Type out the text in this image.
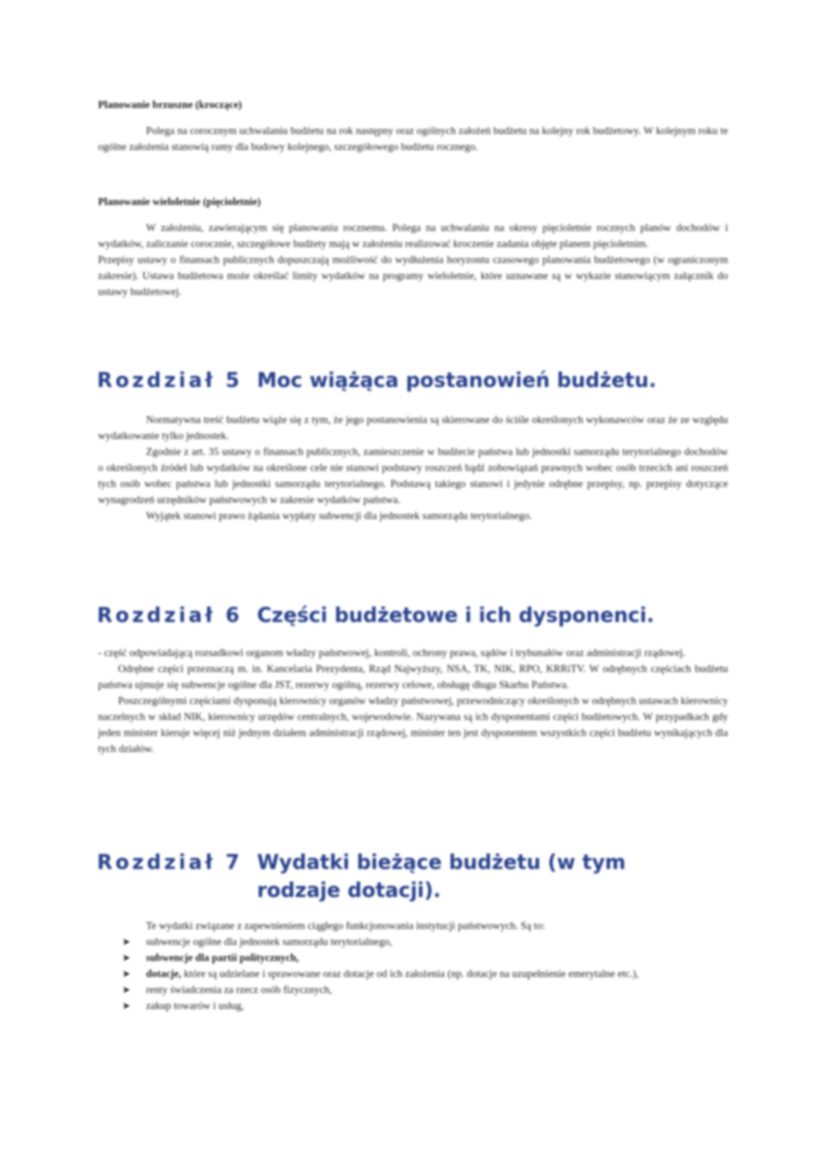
Planowanie brzuszne (kroczące)

Polega na corocznym uchwalaniu budżetu na rok następny oraz ogólnych założeń budżetu na kolejny rok budżetowy. W kolejnym roku te ogólne założenia stanowią ramy dla budowy kolejnego, szczegółowego budżetu rocznego.

Planowanie wieloletnie (pięcioletnie)

W założeniu, zawierającym się planowaniu rocznemu. Polega na uchwalaniu na okresy pięcioletnie rocznych planów dochodów i wydatków, zaliczanie corocznie, szczegółowe budżety mają w założeniu realizować kroczenie zadania objęte planem pięcioletnim.

Przepisy ustawy o finansach publicznych dopuszczają możliwość do wydłużenia horyzontu czasowego planowania budżetowego (w ograniczonym zakresie). Ustawa budżetowa może określać limity wydatków na programy wieloletnie, które uznawane są w wykazie stanowiącym załącznik do ustawy budżetowej.

Rozdział 5 Moc wiążąca postanowień budżetu.

Normatywna treść budżetu wiąże się z tym, że jego postanowienia są skierowane do ściśle określonych wykonawców oraz że ze względu wydatkowanie tylko jednostek.

Zgodnie z art. 35 ustawy o finansach publicznych, zamieszczenie w budżecie państwa lub jednostki samorządu terytorialnego dochodów o określonych źródeł lub wydatków na określone cele nie stanowi podstawy roszczeń bądź zobowiązań prawnych wobec osób trzecich ani roszczeń tych osób wobec państwa lub jednostki samorządu terytorialnego. Podstawą takiego stanowi i jedynie odrębne przepisy, np. przepisy dotyczące wynagrodzeń urzędników państwowych w zakresie wydatków państwa.

Wyjątek stanowi prawo żądania wypłaty subwencji dla jednostek samorządu terytorialnego.

Rozdział 6 Części budżetowe i ich dysponenci.

- część odpowiadającą rozsadkowi organom władzy państwowej, kontroli, ochrony prawa, sądów i trybunałów oraz administracji rządowej.

Odrębne części przeznaczą m. in. Kancelaria Prezydenta, Rząd Najwyższy, NSA, TK, NIK, RPO, KRRiTV. W odrębnych częściach budżetu państwa ujmuje się subwencje ogólne dla JST, rezerwy ogólną, rezerwy celowe, obsługę długu Skarbu Państwa.

Poszczególnymi częściami dysponują kierownicy organów władzy państwowej, przewodniczący określonych w odrębnych ustawach kierownicy naczelnych w skład NIK, kierownicy urzędów centralnych, wojewodowie. Nazywana są ich dysponentami części budżetowych. W przypadkach gdy jeden minister kieruje więcej niż jednym działem administracji rządowej, minister ten jest dysponentem wszystkich części budżetu wynikających dla tych działów.

Rozdział 7 Wydatki bieżące budżetu (w tym
rodzaje dotacji).

Te wydatki związane z zapewnieniem ciągłego funkcjonowania instytucji państwowych. Są to:

➤ subwencje ogólne dla jednostek samorządu terytorialnego,
➤ subwencje dla partii politycznych,
➤ dotacje, które są udzielane i sprawowane oraz dotacje od ich założenia (np. dotacje na uzupełnienie emerytalne etc.),
➤ renty świadczenia za rzecz osób fizycznych,
➤ zakup towarów i usług,
